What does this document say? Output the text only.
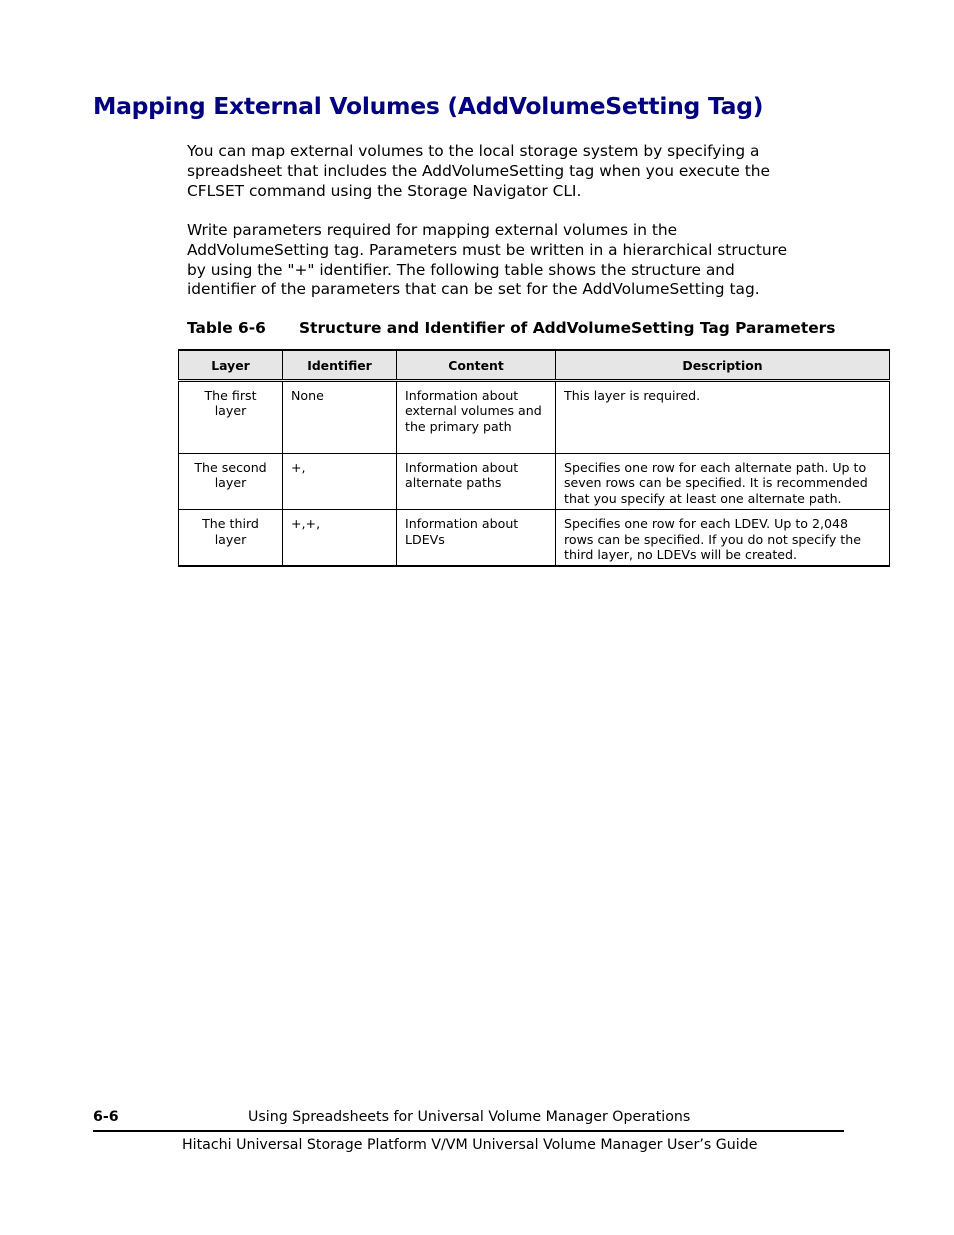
Mapping External Volumes (AddVolumeSetting Tag)

You can map external volumes to the local storage system by specifying a
spreadsheet that includes the AddVolumeSetting tag when you execute the
CFLSET command using the Storage Navigator CLI.

Write parameters required for mapping external volumes in the
AddVolumeSetting tag. Parameters must be written in a hierarchical structure
by using the "+" identifier. The following table shows the structure and
identifier of the parameters that can be set for the AddVolumeSetting tag.

Table 6-6 Structure and Identifier of AddVolumeSetting Tag Parameters
Layer	Identifier	Content	Description
The first layer	None	Information about external volumes and the primary path	This layer is required.
The second layer	+,	Information about alternate paths	Specifies one row for each alternate path. Up to seven rows can be specified. It is recommended that you specify at least one alternate path.
The third layer	+,+,	Information about LDEVs	Specifies one row for each LDEV. Up to 2,048 rows can be specified. If you do not specify the third layer, no LDEVs will be created.
6-6	Using Spreadsheets for Universal Volume Manager Operations
Hitachi Universal Storage Platform V/VM Universal Volume Manager User’s Guide
